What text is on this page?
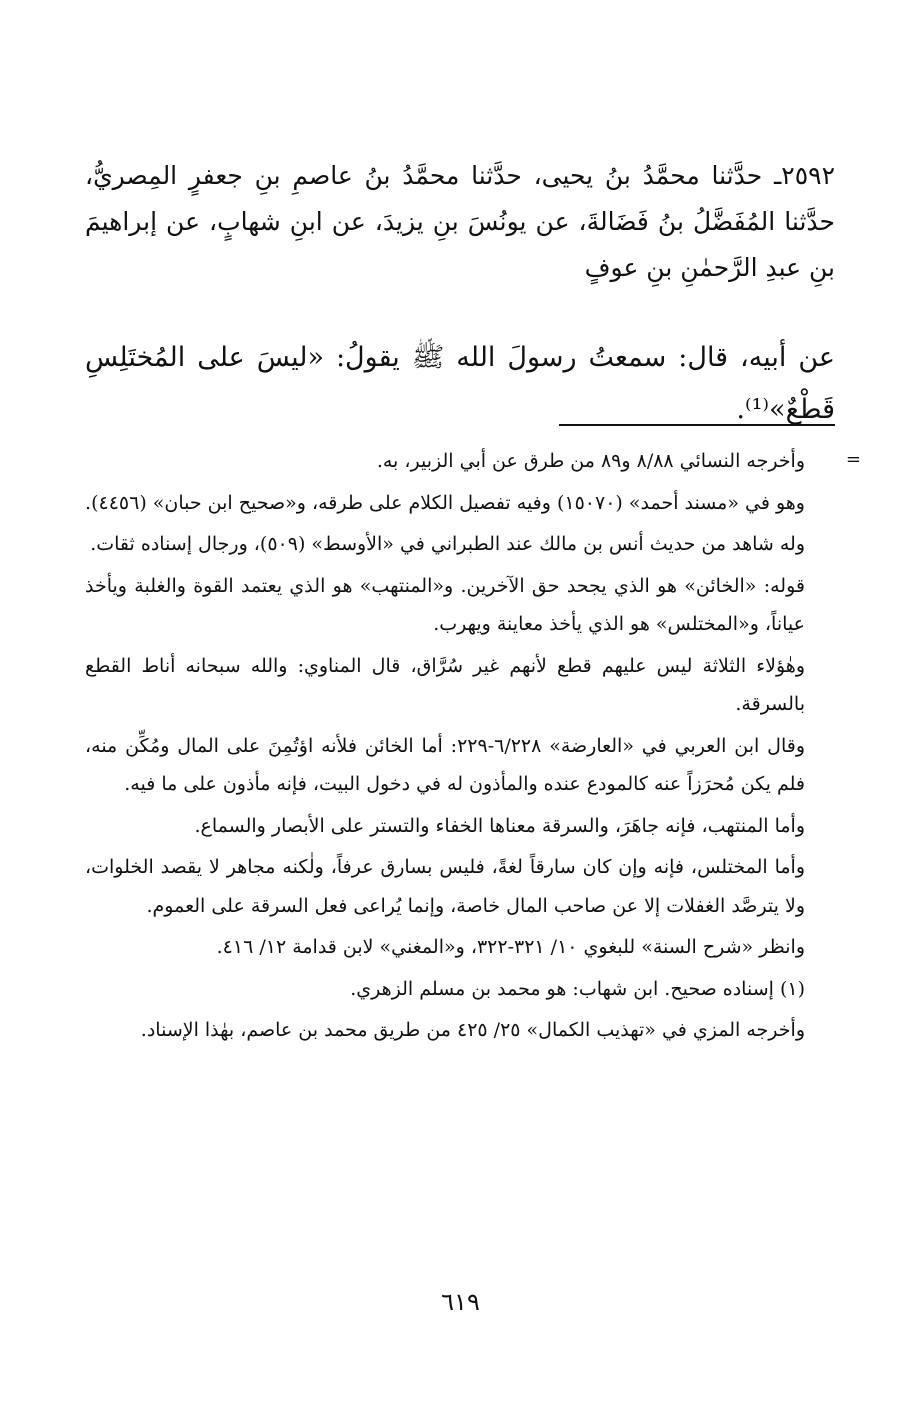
٢٥٩٢ـ حدَّثنا محمَّدُ بنُ يحيى، حدَّثنا محمَّدُ بنُ عاصمِ بنِ جعفرٍ المِصريُّ، حدَّثنا المُفَضَّلُ بنُ فَضَالةَ، عن يونُسَ بنِ يزيدَ، عن ابنِ شهابٍ، عن إبراهيمَ بنِ عبدِ الرَّحمٰنِ بنِ عوفٍ

عن أبيه، قال: سمعتُ رسولَ الله ﷺ يقولُ: «ليسَ على المُختَلِسِ قَطْعٌ»⁽¹⁾.

=

وأخرجه النسائي ٨/٨٨ و٨٩ من طرق عن أبي الزبير، به.

وهو في «مسند أحمد» (١٥٠٧٠) وفيه تفصيل الكلام على طرقه، و«صحيح ابن حبان» (٤٤٥٦).

وله شاهد من حديث أنس بن مالك عند الطبراني في «الأوسط» (٥٠٩)، ورجال إسناده ثقات.

قوله: «الخائن» هو الذي يجحد حق الآخرين. و«المنتهب» هو الذي يعتمد القوة والغلبة ويأخذ عياناً، و«المختلس» هو الذي يأخذ معاينة ويهرب.

وهٰؤلاء الثلاثة ليس عليهم قطع لأنهم غير سُرَّاق، قال المناوي: والله سبحانه أناط القطع بالسرقة.

وقال ابن العربي في «العارضة» ٦/٢٢٨-٢٢٩: أما الخائن فلأنه اؤتُمِنَ على المال ومُكِّن منه، فلم يكن مُحرَزاً عنه كالمودع عنده والمأذون له في دخول البيت، فإنه مأذون على ما فيه.

وأما المنتهب، فإنه جاهَرَ، والسرقة معناها الخفاء والتستر على الأبصار والسماع.

وأما المختلس، فإنه وإن كان سارقاً لغةً، فليس بسارق عرفاً، ولٰكنه مجاهر لا يقصد الخلوات، ولا يترصَّد الغفلات إلا عن صاحب المال خاصة، وإنما يُراعى فعل السرقة على العموم.

وانظر «شرح السنة» للبغوي ١٠/ ٣٢١-٣٢٢، و«المغني» لابن قدامة ١٢/ ٤١٦.

(١) إسناده صحيح. ابن شهاب: هو محمد بن مسلم الزهري.

وأخرجه المزي في «تهذيب الكمال» ٢٥/ ٤٢٥ من طريق محمد بن عاصم، بهٰذا الإسناد.

٦١٩
